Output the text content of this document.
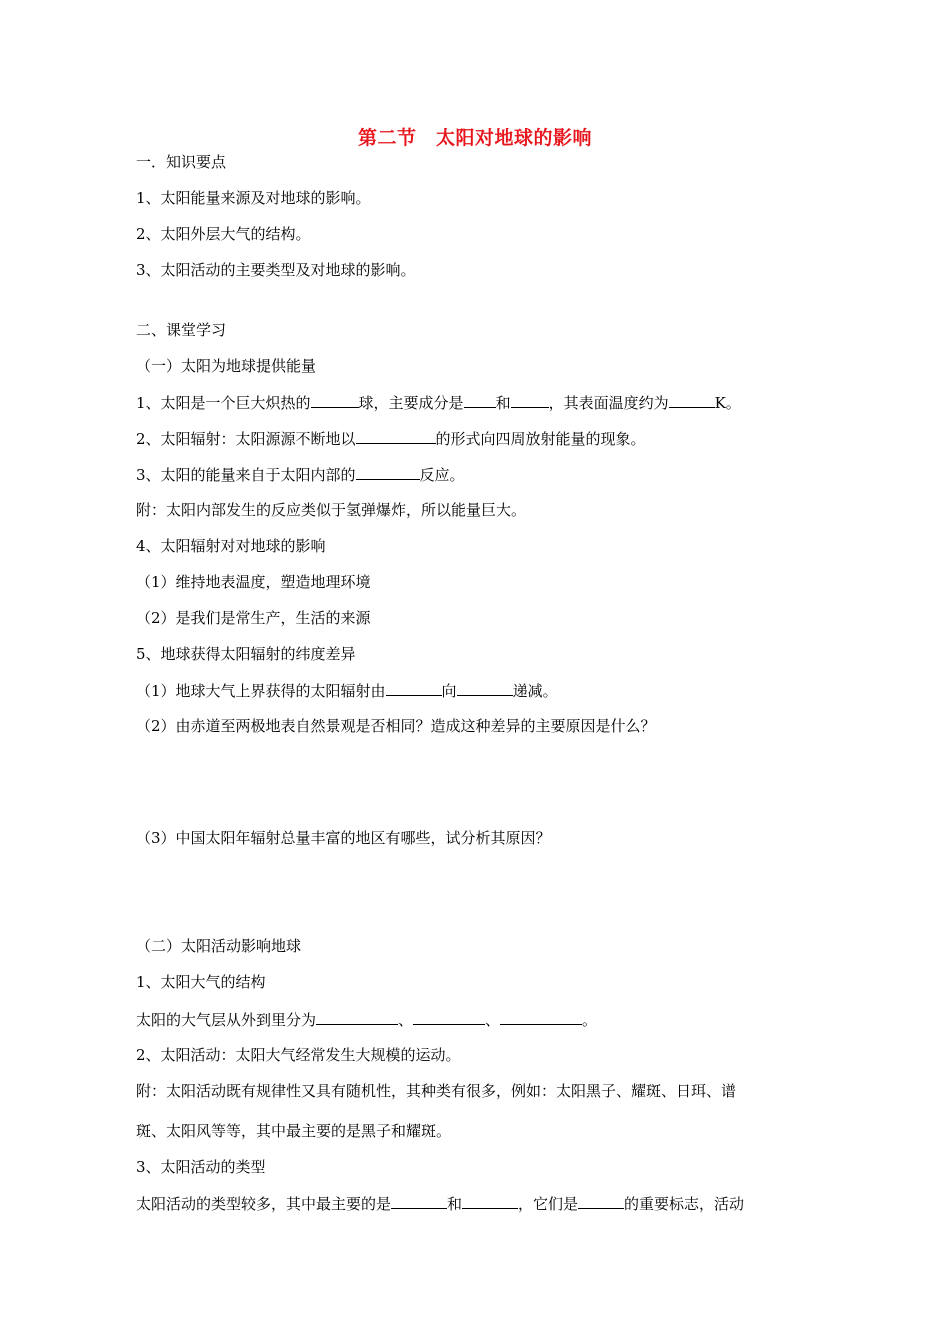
第二节　太阳对地球的影响
一．知识要点
1、太阳能量来源及对地球的影响。
2、太阳外层大气的结构。
3、太阳活动的主要类型及对地球的影响。
二、课堂学习
（一）太阳为地球提供能量
1、太阳是一个巨大炽热的	球，主要成分是 和	，其表面温度约为	K。
2、太阳辐射：太阳源源不断地以	的形式向四周放射能量的现象。
3、太阳的能量来自于太阳内部的	反应。
附：太阳内部发生的反应类似于氢弹爆炸，所以能量巨大。
4、太阳辐射对对地球的影响
（1）维持地表温度，塑造地理环境
（2）是我们是常生产，生活的来源
5、地球获得太阳辐射的纬度差异
（1）地球大气上界获得的太阳辐射由	向	递减。
（2）由赤道至两极地表自然景观是否相同？造成这种差异的主要原因是什么？
（3）中国太阳年辐射总量丰富的地区有哪些，试分析其原因？
（二）太阳活动影响地球
1、太阳大气的结构
太阳的大气层从外到里分为	、	、	。
2、太阳活动：太阳大气经常发生大规模的运动。
附：太阳活动既有规律性又具有随机性，其种类有很多，例如：太阳黑子、耀斑、日珥、谱
斑、太阳风等等，其中最主要的是黑子和耀斑。
3、太阳活动的类型
太阳活动的类型较多，其中最主要的是	和	，它们是	的重要标志，活动
